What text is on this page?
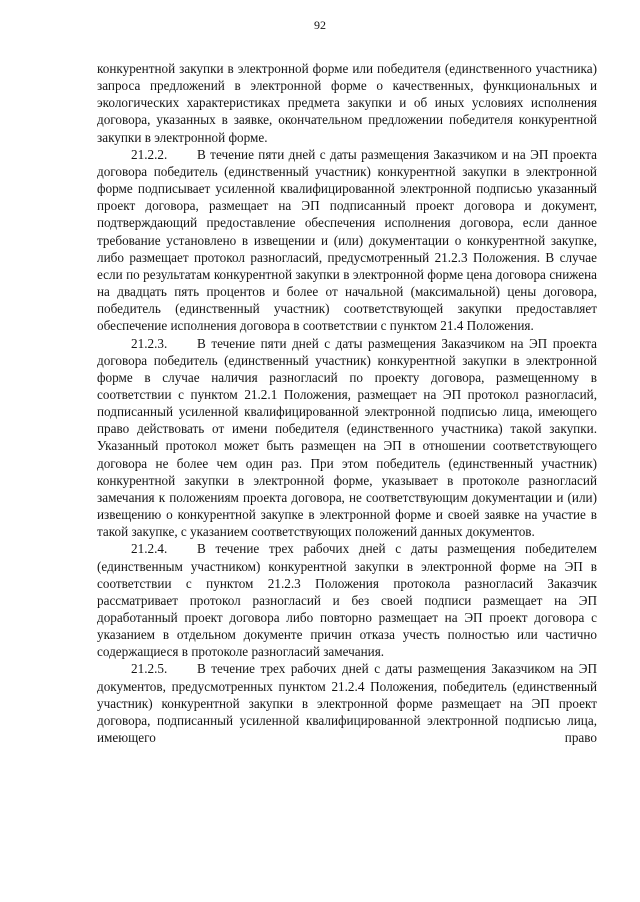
92

конкурентной закупки в электронной форме или победителя (единственного участника) запроса предложений в электронной форме о качественных, функциональных и экологических характеристиках предмета закупки и об иных условиях исполнения договора, указанных в заявке, окончательном предложении победителя конкурентной закупки в электронной форме.

21.2.2. В течение пяти дней с даты размещения Заказчиком и на ЭП проекта договора победитель (единственный участник) конкурентной закупки в электронной форме подписывает усиленной квалифицированной электронной подписью указанный проект договора, размещает на ЭП подписанный проект договора и документ, подтверждающий предоставление обеспечения исполнения договора, если данное требование установлено в извещении и (или) документации о конкурентной закупке, либо размещает протокол разногласий, предусмотренный 21.2.3 Положения. В случае если по результатам конкурентной закупки в электронной форме цена договора снижена на двадцать пять процентов и более от начальной (максимальной) цены договора, победитель (единственный участник) соответствующей закупки предоставляет обеспечение исполнения договора в соответствии с пунктом 21.4 Положения.

21.2.3. В течение пяти дней с даты размещения Заказчиком на ЭП проекта договора победитель (единственный участник) конкурентной закупки в электронной форме в случае наличия разногласий по проекту договора, размещенному в соответствии с пунктом 21.2.1 Положения, размещает на ЭП протокол разногласий, подписанный усиленной квалифицированной электронной подписью лица, имеющего право действовать от имени победителя (единственного участника) такой закупки. Указанный протокол может быть размещен на ЭП в отношении соответствующего договора не более чем один раз. При этом победитель (единственный участник) конкурентной закупки в электронной форме, указывает в протоколе разногласий замечания к положениям проекта договора, не соответствующим документации и (или) извещению о конкурентной закупке в электронной форме и своей заявке на участие в такой закупке, с указанием соответствующих положений данных документов.

21.2.4. В течение трех рабочих дней с даты размещения победителем (единственным участником) конкурентной закупки в электронной форме на ЭП в соответствии с пунктом 21.2.3 Положения протокола разногласий Заказчик рассматривает протокол разногласий и без своей подписи размещает на ЭП доработанный проект договора либо повторно размещает на ЭП проект договора с указанием в отдельном документе причин отказа учесть полностью или частично содержащиеся в протоколе разногласий замечания.

21.2.5. В течение трех рабочих дней с даты размещения Заказчиком на ЭП документов, предусмотренных пунктом 21.2.4 Положения, победитель (единственный участник) конкурентной закупки в электронной форме размещает на ЭП проект договора, подписанный усиленной квалифицированной электронной подписью лица, имеющего право
